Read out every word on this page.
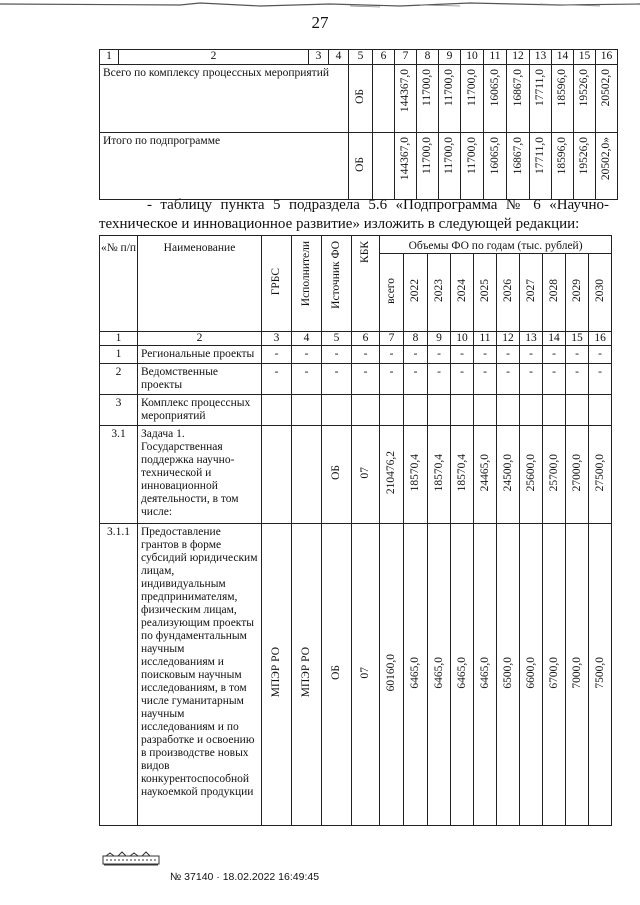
27
1	2	3	4	5	6	7	8	9	10	11	12	13	14	15	16
Всего по комплексу процессных мероприятий				ОБ		144367,0	11700,0	11700,0	11700,0	16065,0	16867,0	17711,0	18596,0	19526,0	20502,0
Итого по подпрограмме				ОБ		144367,0	11700,0	11700,0	11700,0	16065,0	16867,0	17711,0	18596,0	19526,0	20502,0»
- таблицу пункта 5 подраздела 5.6 «Подпрограмма № 6 «Научно-
техническое и инновационное развитие» изложить в следующей редакции:
«№ п/п	Наименование	ГРБС	Исполнители	Источник ФО	КБК	Объемы ФО по годам (тыс. рублей)									
						всего	2022	2023	2024	2025	2026	2027	2028	2029	2030
1	2	3	4	5	6	7	8	9	10	11	12	13	14	15	16
1	Региональные проекты	-	-	-	-	-	-	-	-	-	-	-	-	-	-
2	Ведомственные проекты	-	-	-	-	-	-	-	-	-	-	-	-	-	-
3	Комплекс процессных мероприятий														
3.1	Задача 1. Государственная поддержка научно-технической и инновационной деятельности, в том числе:			ОБ	07	210476,2	18570,4	18570,4	18570,4	24465,0	24500,0	25600,0	25700,0	27000,0	27500,0
3.1.1	Предоставление грантов в форме субсидий юридическим лицам, индивидуальным предпринимателям, физическим лицам, реализующим проекты по фундаментальным научным исследованиям и поисковым научным исследованиям, в том числе гуманитарным научным исследованиям и по разработке и освоению в производстве новых видов конкурентоспособной наукоемкой продукции	МПЭР РО	МПЭР РО	ОБ	07	60160,0	6465,0	6465,0	6465,0	6465,0	6500,0	6600,0	6700,0	7000,0	7500,0
№ 37140 · 18.02.2022 16:49:45
